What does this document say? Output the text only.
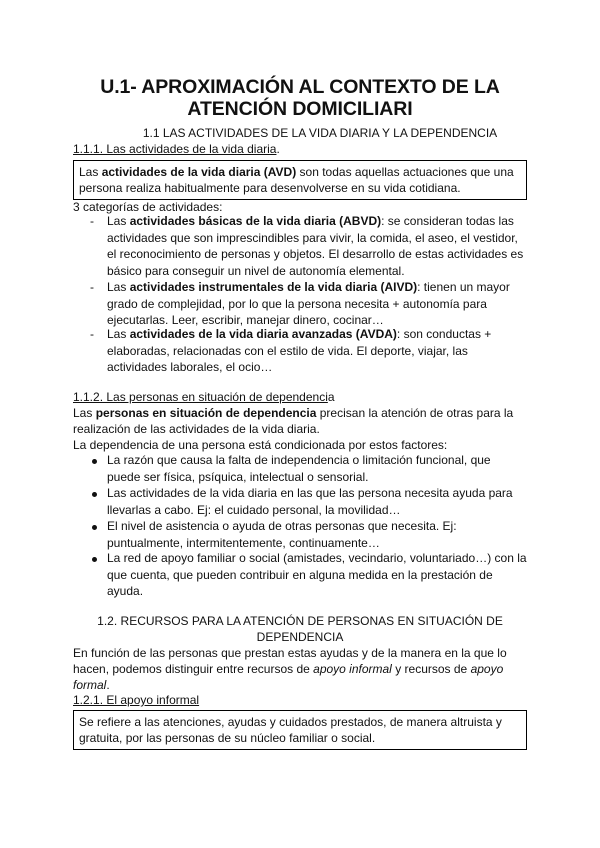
U.1- APROXIMACIÓN AL CONTEXTO DE LA
ATENCIÓN DOMICILIARI
1.1 LAS ACTIVIDADES DE LA VIDA DIARIA Y LA DEPENDENCIA
1.1.1. Las actividades de la vida diaria.
Las actividades de la vida diaria (AVD) son todas aquellas actuaciones que una persona realiza habitualmente para desenvolverse en su vida cotidiana.
3 categorías de actividades:
- Las actividades básicas de la vida diaria (ABVD): se consideran todas las actividades que son imprescindibles para vivir, la comida, el aseo, el vestidor, el reconocimiento de personas y objetos. El desarrollo de estas actividades es básico para conseguir un nivel de autonomía elemental.
- Las actividades instrumentales de la vida diaria (AIVD): tienen un mayor grado de complejidad, por lo que la persona necesita + autonomía para ejecutarlas. Leer, escribir, manejar dinero, cocinar…
- Las actividades de la vida diaria avanzadas (AVDA): son conductas + elaboradas, relacionadas con el estilo de vida. El deporte, viajar, las actividades laborales, el ocio…
1.1.2. Las personas en situación de dependencia
Las personas en situación de dependencia precisan la atención de otras para la realización de las actividades de la vida diaria.
La dependencia de una persona está condicionada por estos factores:
La razón que causa la falta de independencia o limitación funcional, que puede ser física, psíquica, intelectual o sensorial.
Las actividades de la vida diaria en las que las persona necesita ayuda para llevarlas a cabo. Ej: el cuidado personal, la movilidad…
El nivel de asistencia o ayuda de otras personas que necesita. Ej: puntualmente, intermitentemente, continuamente…
La red de apoyo familiar o social (amistades, vecindario, voluntariado…) con la que cuenta, que pueden contribuir en alguna medida en la prestación de ayuda.
1.2. RECURSOS PARA LA ATENCIÓN DE PERSONAS EN SITUACIÓN DE
DEPENDENCIA
En función de las personas que prestan estas ayudas y de la manera en la que lo hacen, podemos distinguir entre recursos de apoyo informal y recursos de apoyo formal.
1.2.1. El apoyo informal
Se refiere a las atenciones, ayudas y cuidados prestados, de manera altruista y gratuita, por las personas de su núcleo familiar o social.
